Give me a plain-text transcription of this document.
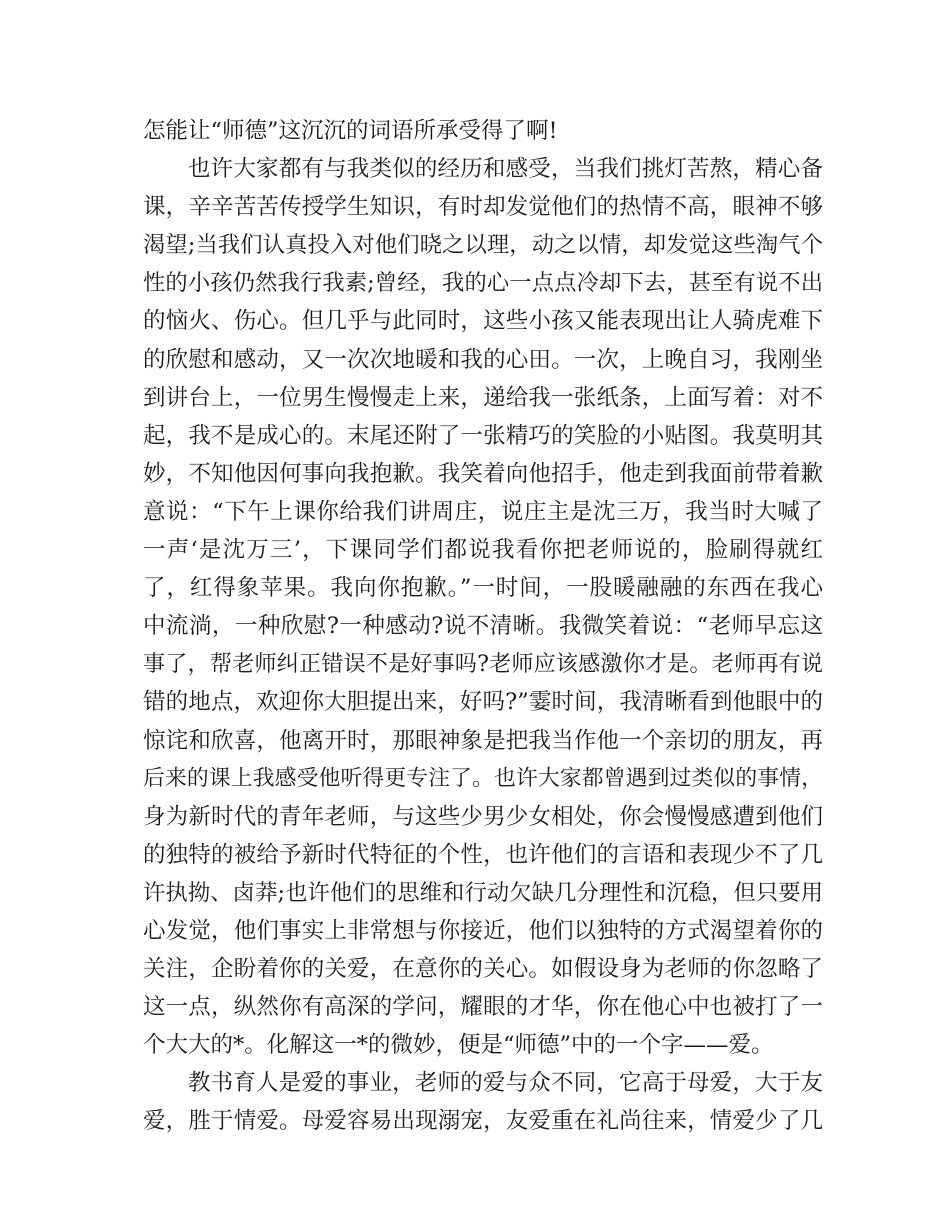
怎能让“师德”这沉沉的词语所承受得了啊!
也许大家都有与我类似的经历和感受，当我们挑灯苦熬，精心备
课，辛辛苦苦传授学生知识，有时却发觉他们的热情不高，眼神不够
渴望;当我们认真投入对他们晓之以理，动之以情，却发觉这些淘气个
性的小孩仍然我行我素;曾经，我的心一点点冷却下去，甚至有说不出
的恼火、伤心。但几乎与此同时，这些小孩又能表现出让人骑虎难下
的欣慰和感动，又一次次地暖和我的心田。一次，上晚自习，我刚坐
到讲台上，一位男生慢慢走上来，递给我一张纸条，上面写着：对不
起，我不是成心的。末尾还附了一张精巧的笑脸的小贴图。我莫明其
妙，不知他因何事向我抱歉。我笑着向他招手，他走到我面前带着歉
意说：“下午上课你给我们讲周庄，说庄主是沈三万，我当时大喊了
一声‘是沈万三’，下课同学们都说我看你把老师说的，脸刷得就红
了，红得象苹果。我向你抱歉。”一时间，一股暖融融的东西在我心
中流淌，一种欣慰?一种感动?说不清晰。我微笑着说：“老师早忘这
事了，帮老师纠正错误不是好事吗?老师应该感激你才是。老师再有说
错的地点，欢迎你大胆提出来，好吗?”霎时间，我清晰看到他眼中的
惊诧和欣喜，他离开时，那眼神象是把我当作他一个亲切的朋友，再
后来的课上我感受他听得更专注了。也许大家都曾遇到过类似的事情，
身为新时代的青年老师，与这些少男少女相处，你会慢慢感遭到他们
的独特的被给予新时代特征的个性，也许他们的言语和表现少不了几
许执拗、卤莽;也许他们的思维和行动欠缺几分理性和沉稳，但只要用
心发觉，他们事实上非常想与你接近，他们以独特的方式渴望着你的
关注，企盼着你的关爱，在意你的关心。如假设身为老师的你忽略了
这一点，纵然你有高深的学问，耀眼的才华，你在他心中也被打了一
个大大的*。化解这一*的微妙，便是“师德”中的一个字——爱。
教书育人是爱的事业，老师的爱与众不同，它高于母爱，大于友
爱，胜于情爱。母爱容易出现溺宠，友爱重在礼尚往来，情爱少了几
